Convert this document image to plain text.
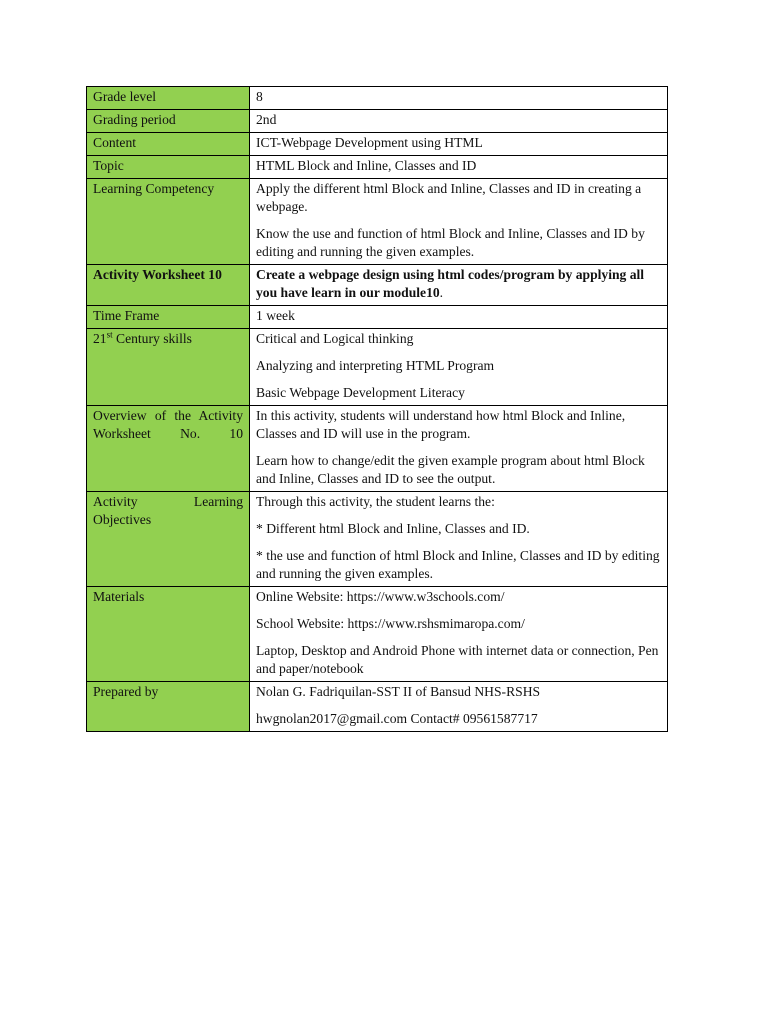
Grade level	8
Grading period	2nd
Content	ICT-Webpage Development using HTML
Topic	HTML Block and Inline, Classes and ID
Learning Competency	Apply the different html Block and Inline, Classes and ID in creating a webpage.

Know the use and function of html Block and Inline, Classes and ID by editing and running the given examples.

Activity Worksheet 10	Create a webpage design using html codes/program by applying all you have learn in our module10.
Time Frame	1 week
21st Century skills	Critical and Logical thinking

Analyzing and interpreting HTML Program

Basic Webpage Development Literacy

Overview of the Activity Worksheet No. 10	In this activity, students will understand how html Block and Inline, Classes and ID will use in the program.

Learn how to change/edit the given example program about html Block and Inline, Classes and ID to see the output.

Activity Learning Objectives	Through this activity, the student learns the:

* Different html Block and Inline, Classes and ID.

* the use and function of html Block and Inline, Classes and ID by editing and running the given examples.

Materials	Online Website: https://www.w3schools.com/

School Website: https://www.rshsmimaropa.com/

Laptop, Desktop and Android Phone with internet data or connection, Pen and paper/notebook

Prepared by	Nolan G. Fadriquilan-SST II of Bansud NHS-RSHS

hwgnolan2017@gmail.com Contact# 09561587717
